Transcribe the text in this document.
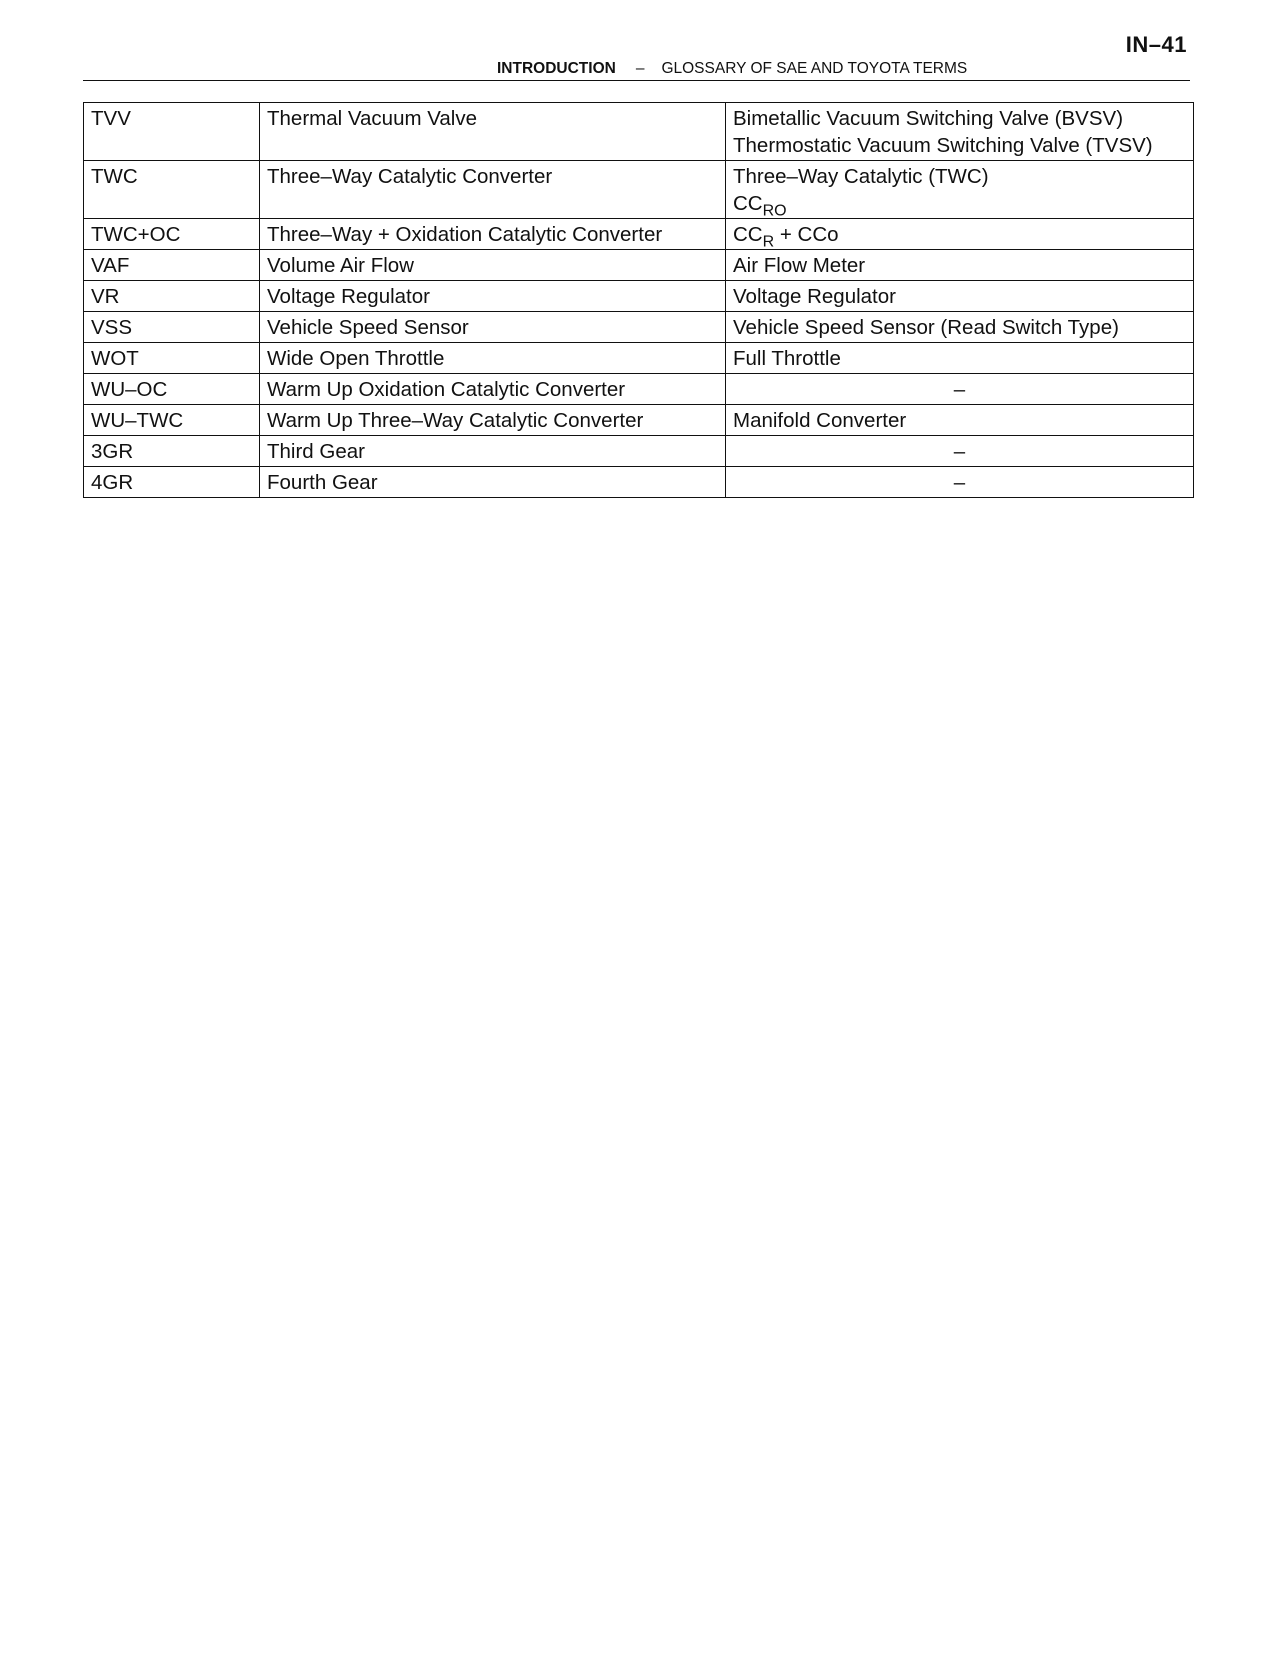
IN–41
INTRODUCTION – GLOSSARY OF SAE AND TOYOTA TERMS
TVV	Thermal Vacuum Valve	Bimetallic Vacuum Switching Valve (BVSV)
Thermostatic Vacuum Switching Valve (TVSV)

TWC	Three–Way Catalytic Converter	Three–Way Catalytic (TWC)
$CC_{RO}$

TWC+OC	Three–Way + Oxidation Catalytic Converter	$CC_R$ + CCo
VAF	Volume Air Flow	Air Flow Meter
VR	Voltage Regulator	Voltage Regulator
VSS	Vehicle Speed Sensor	Vehicle Speed Sensor (Read Switch Type)
WOT	Wide Open Throttle	Full Throttle
WU–OC	Warm Up Oxidation Catalytic Converter	–
WU–TWC	Warm Up Three–Way Catalytic Converter	Manifold Converter
3GR	Third Gear	–
4GR	Fourth Gear	–
